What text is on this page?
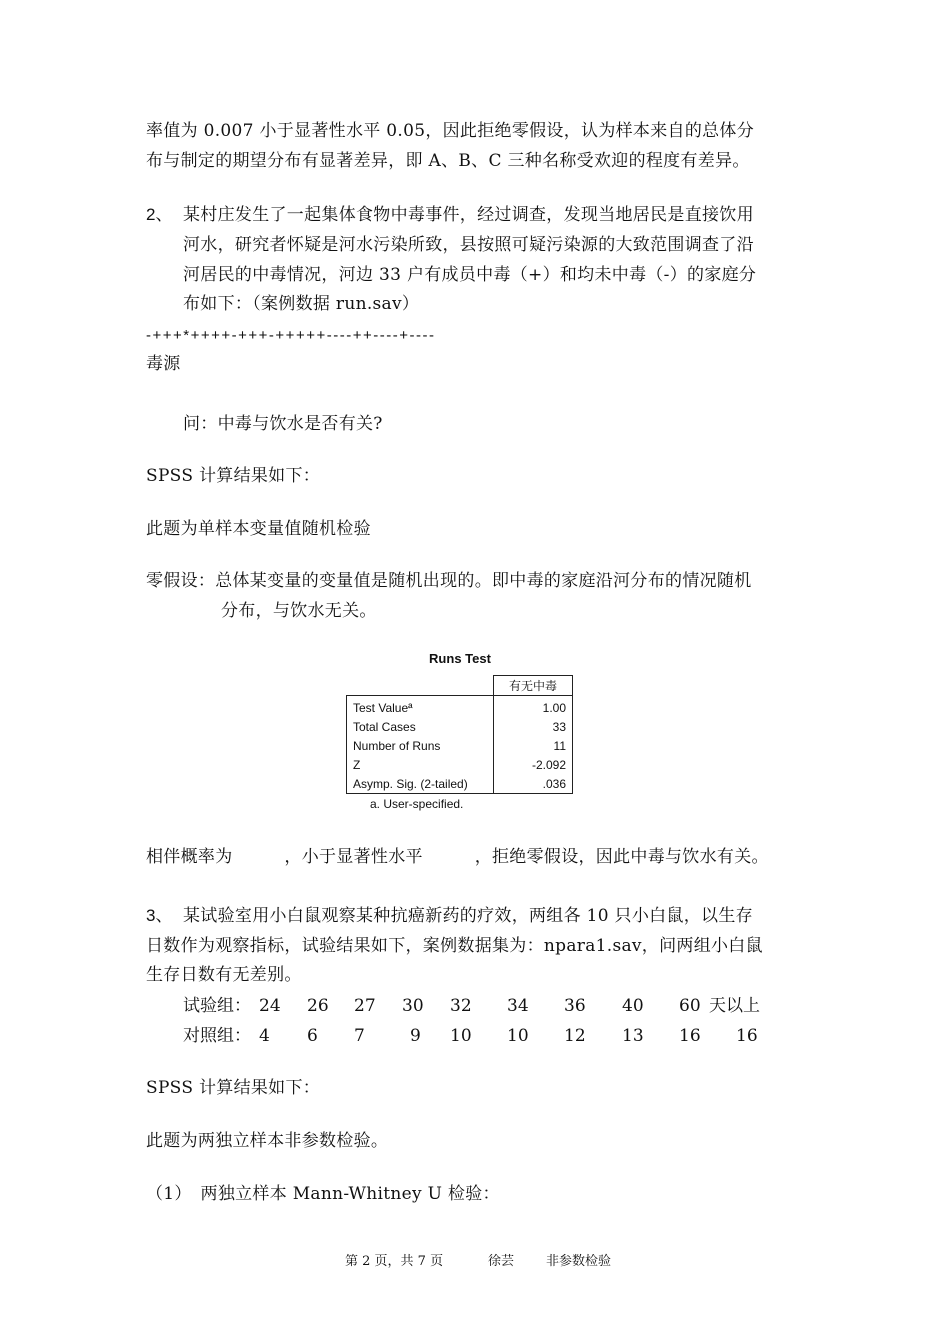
率值为 0.007 小于显著性水平 0.05，因此拒绝零假设，认为样本来自的总体分
布与制定的期望分布有显著差异，即 A、B、C 三种名称受欢迎的程度有差异。
2、 某村庄发生了一起集体食物中毒事件，经过调查，发现当地居民是直接饮用
河水，研究者怀疑是河水污染所致，县按照可疑污染源的大致范围调查了沿
河居民的中毒情况，河边 33 户有成员中毒（+）和均未中毒（-）的家庭分
布如下：（案例数据 run.sav）
-+++*++++-+++-+++++----++----+----
毒源
问：中毒与饮水是否有关?
SPSS 计算结果如下：
此题为单样本变量值随机检验
零假设：总体某变量的变量值是随机出现的。即中毒的家庭沿河分布的情况随机
分布，与饮水无关。
Runs Test
	有无中毒
Test Valueª	1.00
Total Cases	33
Number of Runs	11
Z	-2.092
Asymp. Sig. (2-tailed)	.036
a. User-specified.
相伴概率为　　　，小于显著性水平　　　，拒绝零假设，因此中毒与饮水有关。
3、 某试验室用小白鼠观察某种抗癌新药的疗效，两组各 10 只小白鼠，以生存
日数作为观察指标，试验结果如下，案例数据集为：npara1.sav，问两组小白鼠
生存日数有无差别。
试验组： 24 26 27 30 32 34 36 40 60 天以上
对照组： 4 6 7	9 10 10 12 13 16 16
SPSS 计算结果如下：
此题为两独立样本非参数检验。
（1）　两独立样本 Mann-Whitney U 检验：
第 2 页，共 7 页	徐芸 非参数检验
